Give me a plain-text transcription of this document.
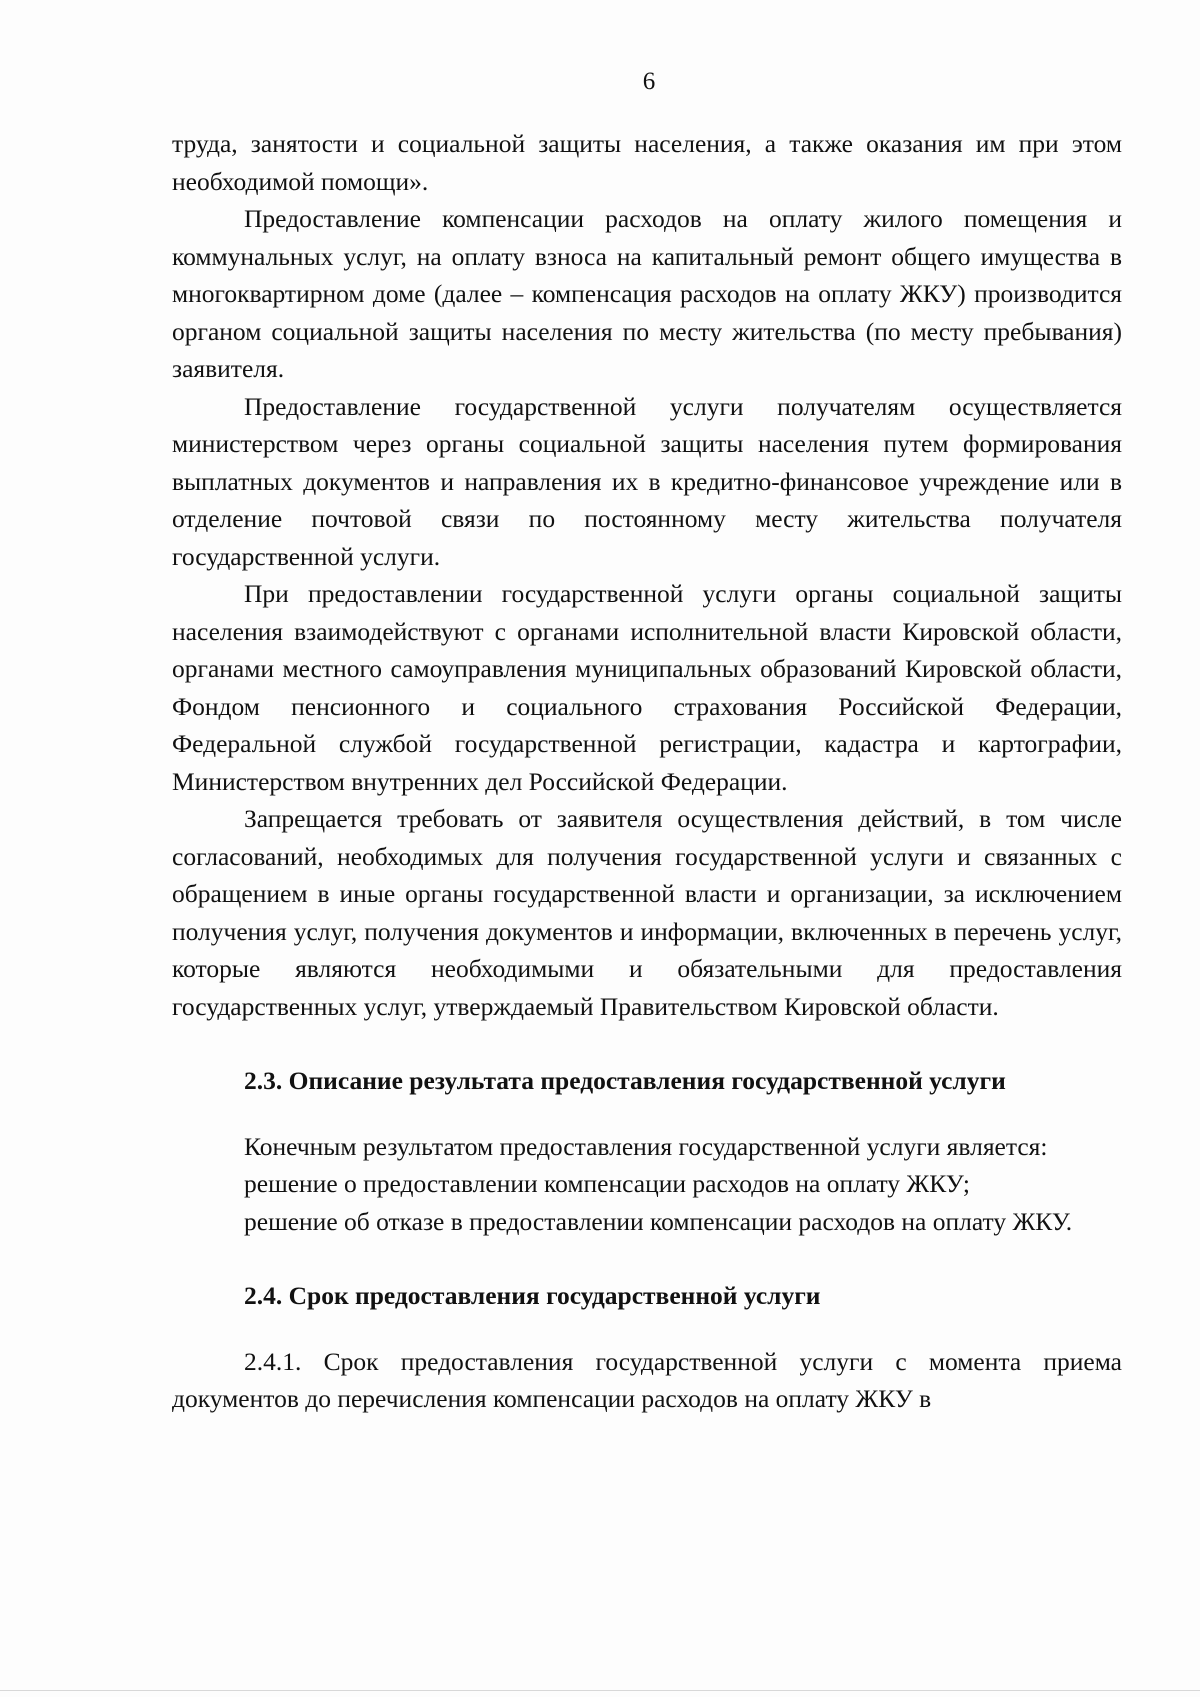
6

труда, занятости и социальной защиты населения, а также оказания им при этом необходимой помощи».

Предоставление компенсации расходов на оплату жилого помещения и коммунальных услуг, на оплату взноса на капитальный ремонт общего имущества в многоквартирном доме (далее – компенсация расходов на оплату ЖКУ) производится органом социальной защиты населения по месту жительства (по месту пребывания) заявителя.

Предоставление государственной услуги получателям осуществляется министерством через органы социальной защиты населения путем формирования выплатных документов и направления их в кредитно-финансовое учреждение или в отделение почтовой связи по постоянному месту жительства получателя государственной услуги.

При предоставлении государственной услуги органы социальной защиты населения взаимодействуют с органами исполнительной власти Кировской области, органами местного самоуправления муниципальных образований Кировской области, Фондом пенсионного и социального страхования Российской Федерации, Федеральной службой государственной регистрации, кадастра и картографии, Министерством внутренних дел Российской Федерации.

Запрещается требовать от заявителя осуществления действий, в том числе согласований, необходимых для получения государственной услуги и связанных с обращением в иные органы государственной власти и организации, за исключением получения услуг, получения документов и информации, включенных в перечень услуг, которые являются необходимыми и обязательными для предоставления государственных услуг, утверждаемый Правительством Кировской области.

2.3. Описание результата предоставления государственной услуги

Конечным результатом предоставления государственной услуги является:

решение о предоставлении компенсации расходов на оплату ЖКУ;

решение об отказе в предоставлении компенсации расходов на оплату ЖКУ.

2.4. Срок предоставления государственной услуги

2.4.1. Срок предоставления государственной услуги с момента приема документов до перечисления компенсации расходов на оплату ЖКУ в
